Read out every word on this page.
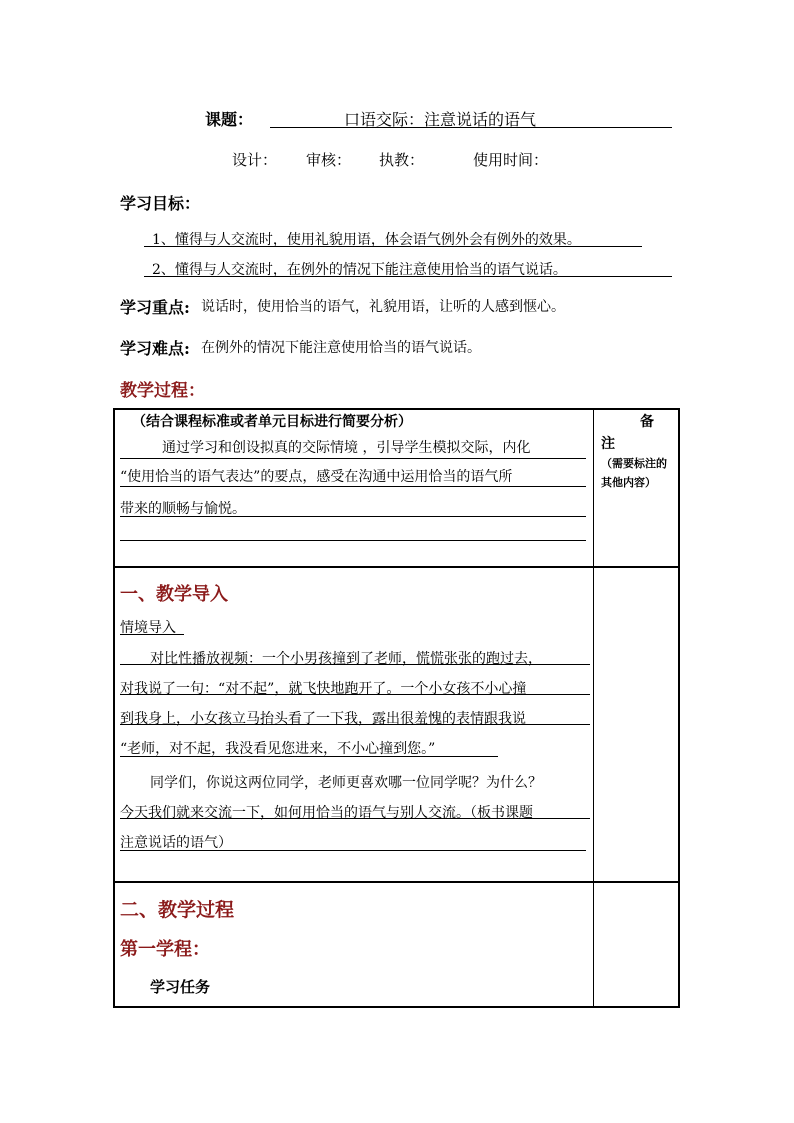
课题：	口语交际：注意说话的语气
设计： 审核： 执教：	使用时间：
学习目标：
1、懂得与人交流时，使用礼貌用语，体会语气例外会有例外的效果。
2、懂得与人交流时，在例外的情况下能注意使用恰当的语气说话。
学习重点: 说话时，使用恰当的语气，礼貌用语，让听的人感到惬心。
学习难点: 在例外的情况下能注意使用恰当的语气说话。
教学过程：
（结合课程标准或者单元目标进行简要分析）
通过学习和创设拟真的交际情境 ，引导学生模拟交际，内化
“使用恰当的语气表达”的要点，感受在沟通中运用恰当的语气所
带来的顺畅与愉悦。
备
注
（需要标注的
其他内容）
一、教学导入
情境导入
对比性播放视频：一个小男孩撞到了老师，慌慌张张的跑过去，
对我说了一句：“对不起”，就飞快地跑开了。一个小女孩不小心撞
到我身上，小女孩立马抬头看了一下我，露出很羞愧的表情跟我说
“老师，对不起，我没看见您进来，不小心撞到您。”
同学们，你说这两位同学，老师更喜欢哪一位同学呢？为什么？
今天我们就来交流一下，如何用恰当的语气与别人交流。（板书课题
注意说话的语气）
二、教学过程
第一学程：
学习任务
